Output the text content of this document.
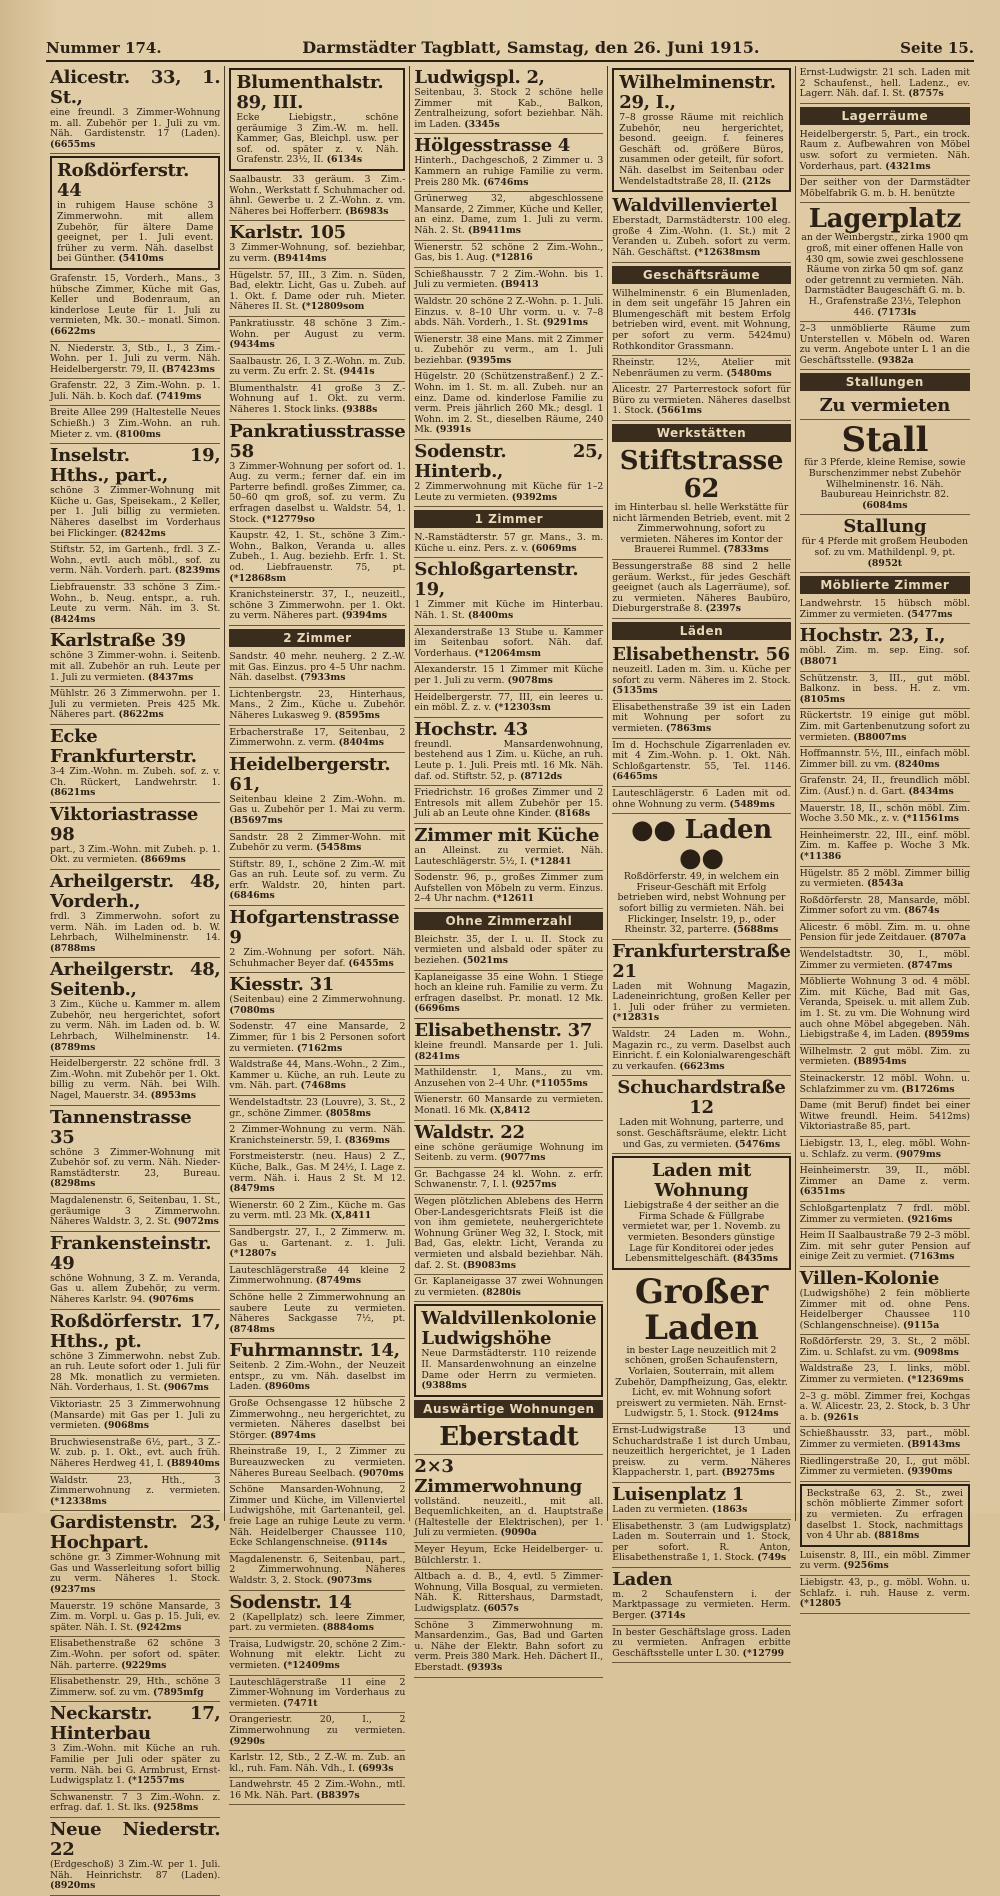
Nummer 174.	Darmstädter Tagblatt, Samstag, den 26. Juni 1915.	Seite 15.
Alicestr. 33, 1. St.,
eine freundl. 3 Zimmer-Wohnung m. all. Zubehör per 1. Juli zu vm. Näh. Gardistenstr. 17 (Laden). (6655ms
Roßdörferstr. 44
in ruhigem Hause schöne 3 Zimmerwohn. mit allem Zubehör, für ältere Dame geeignet, per 1. Juli event. früher zu verm. Näh. daselbst bei Günther. (5410ms
Grafenstr. 15, Vorderh., Mans., 3 hübsche Zimmer, Küche mit Gas, Keller und Bodenraum, an kinderlose Leute für 1. Juli zu vermieten, Mk. 30.– monatl. Simon. (6622ms
N. Niederstr. 3, Stb., I., 3 Zim.-Wohn. per 1. Juli zu verm. Näh. Heidelbergerstr. 79, II. (B7423ms
Grafenstr. 22, 3 Zim.-Wohn. p. 1. Juli. Näh. b. Koch daf. (7419ms
Breite Allee 299 (Haltestelle Neues Schießh.) 3 Zim.-Wohn. an ruh. Mieter z. vm. (8100ms
Inselstr. 19, Hths., part.,
schöne 3 Zimmer-Wohnung mit Küche u. Gas, Speisekam., 2 Keller, per 1. Juli billig zu vermieten. Näheres daselbst im Vorderhaus bei Flickinger. (8242ms
Stiftstr. 52, im Gartenh., frdl. 3 Z.-Wohn., evtl. auch möbl., sof. zu verm. Näh. Vorderh. part. (8239ms
Liebfrauenstr. 33 schöne 3 Zim.-Wohn., b. Neug. entspr., a. ruh. Leute zu verm. Näh. im 3. St. (8424ms
Karlstraße 39
schöne 3 Zimmer-wohn. i. Seitenb. mit all. Zubehör an ruh. Leute per 1. Juli zu vermieten. (8437ms
Mühlstr. 26 3 Zimmerwohn. per 1. Juli zu vermieten. Preis 425 Mk. Näheres part. (8622ms
Ecke Frankfurterstr.
3-4 Zim.-Wohn. m. Zubeh. sof. z. v. Ch. Rückert, Landwehrstr. 1. (8621ms
Viktoriastrasse 98
part., 3 Zim.-Wohn. mit Zubeh. p. 1. Okt. zu vermieten. (8669ms
Arheilgerstr. 48, Vorderh.,
frdl. 3 Zimmerwohn. sofort zu verm. Näh. im Laden od. b. W. Lehrbach, Wilhelminenstr. 14. (8788ms
Arheilgerstr. 48, Seitenb.,
3 Zim., Küche u. Kammer m. allem Zubehör, neu hergerichtet, sofort zu verm. Näh. im Laden od. b. W. Lehrbach, Wilhelminenstr. 14. (8789ms
Heidelbergerstr. 22 schöne frdl. 3 Zim.-Wohn. mit Zubehör per 1. Okt. billig zu verm. Näh. bei Wilh. Nagel, Mauerstr. 34. (8953ms
Tannenstrasse 35
schöne 3 Zimmer-Wohnung mit Zubehör sof. zu verm. Näh. Nieder-Ramstädterstr. 23, Bureau. (8298ms
Magdalenenstr. 6, Seitenbau, 1. St., geräumige 3 Zimmerwohn. Näheres Waldstr. 3, 2. St. (9072ms
Frankensteinstr. 49
schöne Wohnung, 3 Z. m. Veranda, Gas u. allem Zubehör, zu verm. Näheres Karlstr. 94. (9076ms
Roßdörferstr. 17, Hths., pt.
schöne 3 Zimmerwohn. nebst Zub. an ruh. Leute sofort oder 1. Juli für 28 Mk. monatlich zu vermieten. Näh. Vorderhaus, 1. St. (9067ms
Viktoriastr. 25 3 Zimmerwohnung (Mansarde) mit Gas per 1. Juli zu vermieten. (9068ms
Bruchwiesenstraße 6½, part., 3 Z.-W. zub. p. 1. Okt., evt. auch früh. Näheres Herdweg 41, I. (B8940ms
Waldstr. 23, Hth., 3 Zimmerwohnung z. vermieten. (*12338ms
Gardistenstr. 23, Hochpart.
schöne gr. 3 Zimmer-Wohnung mit Gas und Wasserleitung sofort billig zu verm. Näheres 1. Stock. (9237ms
Mauerstr. 19 schöne Mansarde, 3 Zim. m. Vorpl. u. Gas p. 15. Juli, ev. später. Näh. I. St. (9242ms
Elisabethenstraße 62 schöne 3 Zim.-Wohn. per sofort od. später. Näh. parterre. (9229ms
Elisabethenstr. 29, Hth., schöne 3 Zimmerw. sof. zu vm. (7895mfg
Neckarstr. 17, Hinterbau
3 Zim.-Wohn. mit Küche an ruh. Familie per Juli oder später zu verm. Näh. bei G. Armbrust, Ernst-Ludwigsplatz 1. (*12557ms
Schwanenstr. 7 3 Zim.-Wohn. z. erfrag. daf. 1. St. lks. (9258ms
Neue Niederstr. 22
(Erdgeschoß) 3 Zim.-W. per 1. Juli. Näh. Heinrichstr. 87 (Laden). (8920ms
Blumenthalstr. 89, III.
Ecke Liebigstr., schöne geräumige 3 Zim.-W. m. hell. Kammer, Gas, Bleichpl. usw. per sof. od. später z. v. Näh. Grafenstr. 23½, II. (6134s
Saalbaustr. 33 geräum. 3 Zim.-Wohn., Werkstatt f. Schuhmacher od. ähnl. Gewerbe u. 2 Z.-Wohn. z. vm. Näheres bei Hofferberr. (B6983s
Karlstr. 105
3 Zimmer-Wohnung, sof. beziehbar, zu verm. (B9414ms
Hügelstr. 57, III., 3 Zim. n. Süden, Bad, elektr. Licht, Gas u. Zubeh. auf 1. Okt. f. Dame oder ruh. Mieter. Näheres II. St. (*12809som
Pankratiusstr. 48 schöne 3 Zim.-Wohn. per August zu verm. (9434ms
Saalbaustr. 26, I. 3 Z.-Wohn. m. Zub. zu verm. Zu erfr. 2. St. (9441s
Blumenthalstr. 41 große 3 Z.-Wohnung auf 1. Okt. zu verm. Näheres 1. Stock links. (9388s
Pankratiusstrasse 58
3 Zimmer-Wohnung per sofort od. 1. Aug. zu verm.; ferner daf. ein im Parterre befindl. großes Zimmer, ca. 50–60 qm groß, sof. zu verm. Zu erfragen daselbst u. Waldstr. 54, 1. Stock. (*12779so
Kaupstr. 42, 1. St., schöne 3 Zim.-Wohn., Balkon, Veranda u. alles Zubeh., 1. Aug. beziehb. Erfr. 1. St. od. Liebfrauenstr. 75, pt. (*12868sm
Kranichsteinerstr. 37, I., neuzeitl., schöne 3 Zimmerwohn. per 1. Okt. zu verm. Näheres part. (9394ms
2 Zimmer
Sandstr. 40 mehr. neuherg. 2 Z.-W. mit Gas. Einzus. pro 4–5 Uhr nachm. Näh. daselbst. (7933ms
Lichtenbergstr. 23, Hinterhaus, Mans., 2 Zim., Küche u. Zubehör. Näheres Lukasweg 9. (8595ms
Erbacherstraße 17, Seitenbau, 2 Zimmerwohn. z. verm. (8404ms
Heidelbergerstr. 61,
Seitenbau kleine 2 Zim.-Wohn. m. Gas u. Zubehör per 1. Mai zu verm. (B5697ms
Sandstr. 28 2 Zimmer-Wohn. mit Zubehör zu verm. (5458ms
Stiftstr. 89, I., schöne 2 Zim.-W. mit Gas an ruh. Leute sof. zu verm. Zu erfr. Waldstr. 20, hinten part. (6846ms
Hofgartenstrasse 9
2 Zim.-Wohnung per sofort. Näh. Schuhmacher Beyer daf. (6455ms
Kiesstr. 31
(Seitenbau) eine 2 Zimmerwohnung. (7080ms
Sodenstr. 47 eine Mansarde, 2 Zimmer, für 1 bis 2 Personen sofort zu vermieten. (7162ms
Waldstraße 44, Mans.-Wohn., 2 Zim., Kammer u. Küche, an ruh. Leute zu vm. Näh. part. (7468ms
Wendelstadtstr. 23 (Louvre), 3. St., 2 gr., schöne Zimmer. (8058ms
2 Zimmer-Wohnung zu verm. Näh. Kranichsteinerstr. 59, I. (8369ms
Forstmeisterstr. (neu. Haus) 2 Z., Küche, Balk., Gas. M 24½, I. Lage z. verm. Näh. i. Haus 2 St. M 12. (8479ms
Wienerstr. 60 2 Zim., Küche m. Gas zu verm. mtl. 23 Mk. (X,8411
Sandbergstr. 27, I., 2 Zimmerw. m. Gas u. Gartenant. z. 1. Juli. (*12807s
Lauteschlägerstraße 44 kleine 2 Zimmerwohnung. (8749ms
Schöne helle 2 Zimmerwohnung an saubere Leute zu vermieten. Näheres Sackgasse 7½, pt. (8748ms
Fuhrmannstr. 14,
Seitenb. 2 Zim.-Wohn., der Neuzeit entspr., zu vm. Näh. daselbst im Laden. (8960ms
Große Ochsengasse 12 hübsche 2 Zimmerwohng., neu hergerichtet, zu vermieten. Näheres daselbst bei Störger. (8974ms
Rheinstraße 19, I., 2 Zimmer zu Bureauzwecken zu vermieten. Näheres Bureau Seelbach. (9070ms
Schöne Mansarden-Wohnung, 2 Zimmer und Küche, im Villenviertel Ludwigshöhe, mit Gartenanteil, gel. freie Lage an ruhige Leute zu verm. Näh. Heidelberger Chaussee 110, Ecke Schlangenschneise. (9114s
Magdalenenstr. 6, Seitenbau, part., 2 Zimmerwohnung. Näheres Waldstr. 3, 2. Stock. (9073ms
Sodenstr. 14
2 (Kapellplatz) sch. leere Zimmer, part. zu vermieten. (8884oms
Traisa, Ludwigstr. 20, schöne 2 Zim.-Wohnung mit elektr. Licht zu vermieten. (*12409ms
Lauteschlägerstraße 11 eine 2 Zimmer-Wohnung im Vorderhaus zu vermieten. (7471t
Orangeriestr. 20, I., 2 Zimmerwohnung zu vermieten. (9290s
Karlstr. 12, Stb., 2 Z.-W. m. Zub. an kl., ruh. Fam. Näh. Vdh., I. (6993s
Landwehrstr. 45 2 Zim.-Wohn., mtl. 16 Mk. Näh. Part. (B8397s
Ludwigspl. 2,
Seitenbau, 3. Stock 2 schöne helle Zimmer mit Kab., Balkon, Zentralheizung, sofort beziehbar. Näh. im Laden. (3345s
Hölgesstrasse 4
Hinterh., Dachgeschoß, 2 Zimmer u. 3 Kammern an ruhige Familie zu verm. Preis 280 Mk. (6746ms
Grünerweg 32, abgeschlossene Mansarde, 2 Zimmer, Küche und Keller, an einz. Dame, zum 1. Juli zu verm. Näh. 2. St. (B9411ms
Wienerstr. 52 schöne 2 Zim.-Wohn., Gas, bis 1. Aug. (*12816
Schießhausstr. 7 2 Zim.-Wohn. bis 1. Juli zu vermieten. (B9413
Waldstr. 20 schöne 2 Z.-Wohn. p. 1. Juli. Einzus. v. 8–10 Uhr vorm. u. v. 7–8 abds. Näh. Vorderh., 1. St. (9291ms
Wienerstr. 38 eine Mans. mit 2 Zimmer u. Zubehör zu verm., am 1. Juli beziehbar. (9395ms
Hügelstr. 20 (Schützenstraßenf.) 2 Z.-Wohn. im 1. St. m. all. Zubeh. nur an einz. Dame od. kinderlose Familie zu verm. Preis jährlich 260 Mk.; desgl. 1 Wohn. im 2. St., dieselben Räume, 240 Mk. (9391s
Sodenstr. 25, Hinterb.,
2 Zimmerwohnung mit Küche für 1–2 Leute zu vermieten. (9392ms
1 Zimmer
N.-Ramstädterstr. 57 gr. Mans., 3. m. Küche u. einz. Pers. z. v. (6069ms
Schloßgartenstr. 19,
1 Zimmer mit Küche im Hinterbau. Näh. 1. St. (8400ms
Alexanderstraße 13 Stube u. Kammer im Seitenbau sofort. Näh. daf. Vorderhaus. (*12064msm
Alexanderstr. 15 1 Zimmer mit Küche per 1. Juli zu verm. (9078ms
Heidelbergerstr. 77, III, ein leeres u. ein möbl. Z. z. v. (*12303sm
Hochstr. 43
freundl. Mansardenwohnung, bestehend aus 1 Zim. u. Küche, an ruh. Leute p. 1. Juli. Preis mtl. 16 Mk. Näh. daf. od. Stiftstr. 52, p. (8712ds
Friedrichstr. 16 großes Zimmer und 2 Entresols mit allem Zubehör per 15. Juli ab an Leute ohne Kinder. (8168s
Zimmer mit Küche
an Alleinst. zu vermiet. Näh. Lauteschlägerstr. 5½, I. (*12841
Sodenstr. 96, p., großes Zimmer zum Aufstellen von Möbeln zu verm. Einzus. 2–4 Uhr nachm. (*12611
Ohne Zimmerzahl
Bleichstr. 35, der I. u. II. Stock zu vermieten und alsbald oder später zu beziehen. (5021ms
Kaplaneigasse 35 eine Wohn. 1 Stiege hoch an kleine ruh. Familie zu verm. Zu erfragen daselbst. Pr. monatl. 12 Mk. (6696ms
Elisabethenstr. 37
kleine freundl. Mansarde per 1. Juli. (8241ms
Mathildenstr. 1, Mans., zu vm. Anzusehen von 2–4 Uhr. (*11055ms
Wienerstr. 60 Mansarde zu vermieten. Monatl. 16 Mk. (X,8412
Waldstr. 22
eine schöne geräumige Wohnung im Seitenb. zu verm. (9077ms
Gr. Bachgasse 24 kl. Wohn. z. erfr. Schwanenstr. 7, I. l. (9257ms
Wegen plötzlichen Ablebens des Herrn Ober-Landesgerichtsrats Fleiß ist die von ihm gemietete, neuhergerichtete Wohnung Grüner Weg 32, I. Stock, mit Bad, Gas, elektr. Licht, Veranda zu vermieten und alsbald beziehbar. Näh. daf. 2. St. (B9083ms
Gr. Kaplaneigasse 37 zwei Wohnungen zu vermieten. (8280is
Waldvillenkolonie Ludwigshöhe
Neue Darmstädterstr. 110 reizende II. Mansardenwohnung an einzelne Dame oder Herrn zu vermieten. (9388ms
Auswärtige Wohnungen
Eberstadt
2×3 Zimmerwohnung
vollständ. neuzeitl., mit all. Bequemlichkeiten, an d. Hauptstraße (Haltestelle der Elektrischen), per 1. Juli zu vermieten. (9090a
Meyer Heyum, Ecke Heidelberger- u. Bülchlerstr. 1.
Altbach a. d. B., 4, evtl. 5 Zimmer-Wohnung, Villa Bosqual, zu vermieten. Näh. K. Rittershaus, Darmstadt, Ludwigsplatz. (6057s
Schöne 3 Zimmerwohnung m. Mansardenzim., Gas, Bad und Garten u. Nähe der Elektr. Bahn sofort zu verm. Preis 380 Mark. Heh. Dächert II., Eberstadt. (9393s
Wilhelminenstr. 29, I.,
7–8 grosse Räume mit reichlich Zubehör, neu hergerichtet, besond. geeign. f. feineres Geschäft od. größere Büros, zusammen oder geteilt, für sofort. Näh. daselbst im Seitenbau oder Wendelstadtstraße 28, II. (212s
Waldvillenviertel
Eberstadt, Darmstädterstr. 100 eleg. große 4 Zim.-Wohn. (1. St.) mit 2 Veranden u. Zubeh. sofort zu verm. Näh. Geschäftst. (*12638msm
Geschäftsräume
Wilhelminenstr. 6 ein Blumenladen, in dem seit ungefähr 15 Jahren ein Blumengeschäft mit bestem Erfolg betrieben wird, event. mit Wohnung, per sofort zu verm. 5424mu) Rothkonditor Grassmann.
Rheinstr. 12½, Atelier mit Nebenräumen zu verm. (5480ms
Alicestr. 27 Parterrestock sofort für Büro zu vermieten. Näheres daselbst 1. Stock. (5661ms
Werkstätten
Stiftstrasse 62
im Hinterbau sl. helle Werkstätte für nicht lärmenden Betrieb, event. mit 2 Zimmerwohnung, sofort zu vermieten. Näheres im Kontor der Brauerei Rummel. (7833ms
Bessungerstraße 88 sind 2 helle geräum. Werkst., für jedes Geschäft geeignet (auch als Lagerräume), sof. zu vermieten. Näheres Baubüro, Dieburgerstraße 8. (2397s
Läden
Elisabethenstr. 56
neuzeitl. Laden m. 3im. u. Küche per sofort zu verm. Näheres im 2. Stock. (5135ms
Elisabethenstraße 39 ist ein Laden mit Wohnung per sofort zu vermieten. (7863ms
Im d. Hochschule Zigarrenladen ev. mit 4 Zim.-Wohn. p. 1. Okt. Näh. Schloßgartenstr. 55, Tel. 1146. (6465ms
Lauteschlägerstr. 6 Laden mit od. ohne Wohnung zu verm. (5489ms
●● Laden ●●
Roßdörferstr. 49, in welchem ein Friseur-Geschäft mit Erfolg betrieben wird, nebst Wohnung per sofort billig zu vermieten. Näh. bei Flickinger, Inselstr. 19, p., oder Rheinstr. 32, parterre. (5688ms
Frankfurterstraße 21
Laden mit Wohnung Magazin, Ladeneinrichtung, großen Keller per 1. Juli oder früher zu vermieten. (*12831s
Waldstr. 24 Laden m. Wohn., Magazin rc., zu verm. Daselbst auch Einricht. f. ein Kolonialwarengeschäft zu verkaufen. (6623ms
Schuchardstraße 12
Laden mit Wohnung, parterre, und sonst. Geschäftsräume, elektr. Licht und Gas, zu vermieten. (5476ms
Laden mit Wohnung
Liebigstraße 4 der seither an die Firma Schade & Füllgrabe vermietet war, per 1. Novemb. zu vermieten. Besonders günstige Lage für Konditorei oder jedes Lebensmittelgeschäft. (8435ms
Großer Laden
in bester Lage neuzeitlich mit 2 schönen, großen Schaufenstern, Vorlaien, Souterrain, mit allem Zubehör, Dampfheizung, Gas, elektr. Licht, ev. mit Wohnung sofort preiswert zu vermieten. Näh. Ernst-Ludwigstr. 5, 1. Stock. (9124ms
Ernst-Ludwigstraße 13 und Schuchardstraße 1 ist durch Umbau, neuzeitlich hergerichtet, je 1 Laden preisw. zu verm. Näheres Klappacherstr. 1, part. (B9275ms
Luisenplatz 1
Laden zu vermieten. (1863s
Elisabethenstr. 3 (am Ludwigsplatz) Laden m. Souterrain und 1. Stock, per sofort. R. Anton, Elisabethenstraße 1, 1. Stock. (749s
Laden
m. 2 Schaufenstern i. der Marktpassage zu vermieten. Herm. Berger. (3714s
In bester Geschäftslage gross. Laden zu vermieten. Anfragen erbitte Geschäftsstelle unter L 30. (*12799
Ernst-Ludwigstr. 21 sch. Laden mit 2 Schaufenst., hell. Ladenz., ev. Lagerr. Näh. daf. I. St. (8757s
Lagerräume
Heidelbergerstr. 5, Part., ein trock. Raum z. Aufbewahren von Möbel usw. sofort zu vermieten. Näh. Vorderhaus, part. (4321ms
Der seither von der Darmstädter Möbelfabrik G. m. b. H. benützte
Lagerplatz
an der Weinbergstr., zirka 1900 qm groß, mit einer offenen Halle von 430 qm, sowie zwei geschlossene Räume von zirka 50 qm sof. ganz oder getrennt zu vermieten. Näh. Darmstädter Baugeschäft G. m. b. H., Grafenstraße 23½, Telephon 446. (7173ls
2–3 unmöblierte Räume zum Unterstellen v. Möbeln od. Waren zu verm. Angebote unter L 1 an die Geschäftsstelle. (9382a
Stallungen
Zu vermieten
Stall
für 3 Pferde, kleine Remise, sowie Burschenzimmer nebst Zubehör Wilhelminenstr. 16. Näh. Baubureau Heinrichstr. 82. (6084ms
Stallung
für 4 Pferde mit großem Heuboden sof. zu vm. Mathildenpl. 9, pt. (8952t
Möblierte Zimmer
Landwehrstr. 15 hübsch möbl. Zimmer zu vermieten. (5477ms
Hochstr. 23, I.,
möbl. Zim. m. sep. Eing. sof. (B8071
Schützenstr. 3, III., gut möbl. Balkonz. in bess. H. z. vm. (8105ms
Rückertstr. 19 einige gut möbl. Zim. mit Gartenbenutzung sofort zu vermieten. (B8007ms
Hoffmannstr. 5½, III., einfach möbl. Zimmer bill. zu vm. (8240ms
Grafenstr. 24, II., freundlich möbl. Zim. (Ausf.) n. d. Gart. (8434ms
Mauerstr. 18, II., schön möbl. Zim. Woche 3.50 Mk., z. v. (*11561ms
Heinheimerstr. 22, III., einf. möbl. Zim. m. Kaffee p. Woche 3 Mk. (*11386
Hügelstr. 85 2 möbl. Zimmer billig zu vermieten. (8543a
Roßdörferstr. 28, Mansarde, möbl. Zimmer sofort zu vm. (8674s
Alicestr. 6 möbl. Zim. m. u. ohne Pension für jede Zeitdauer. (8707a
Wendelstadtstr. 30, I., möbl. Zimmer zu vermieten. (8747ms
Möblierte Wohnung 3 od. 4 möbl. Zim. mit Küche, Bad mit Gas, Veranda, Speisek. u. mit allem Zub. im 1. St. zu vm. Die Wohnung wird auch ohne Möbel abgegeben. Näh. Liebigstraße 4, im Laden. (8959ms
Wilhelmstr. 2 gut möbl. Zim. zu vermieten. (B8954ms
Steinackerstr. 12 möbl. Wohn. u. Schlafzimmer zu vm. (B1726ms
Dame (mit Beruf) findet bei einer Witwe freundl. Heim. 5412ms) Viktoriastraße 85, part.
Liebigstr. 13, I., eleg. möbl. Wohn- u. Schlafz. zu verm. (9079ms
Heinheimerstr. 39, II., möbl. Zimmer an Dame z. verm. (6351ms
Schloßgartenplatz 7 frdl. möbl. Zimmer zu vermieten. (9216ms
Heim II Saalbaustraße 79 2–3 möbl. Zim. mit sehr guter Pension auf einige Zeit zu vermiet. (7163ms
Villen-Kolonie
(Ludwigshöhe) 2 fein möblierte Zimmer mit od. ohne Pens. Heidelberger Chaussee 110 (Schlangenschneise). (9115a
Roßdörferstr. 29, 3. St., 2 möbl. Zim. u. Schlafst. zu vm. (9098ms
Waldstraße 23, I. links, möbl. Zimmer zu vermieten. (*12369ms
2–3 g. möbl. Zimmer frei, Kochgas a. W. Alicestr. 23, 2. Stock, b. 3 Uhr a. b. (9261s
Schießhausstr. 33, part., möbl. Zimmer zu vermieten. (B9143ms
Riedlingerstraße 20, I., gut möbl. Zimmer zu vermieten. (9390ms
Beckstraße 63, 2. St., zwei schön möblierte Zimmer sofort zu vermieten. Zu erfragen daselbst 1. Stock, nachmittags von 4 Uhr ab. (8818ms
Luisenstr. 8, III., ein möbl. Zimmer zu verm. (9256ms
Liebigstr. 43, p., g. möbl. Wohn. u. Schlafz. i. ruh. Hause z. verm. (*12805
